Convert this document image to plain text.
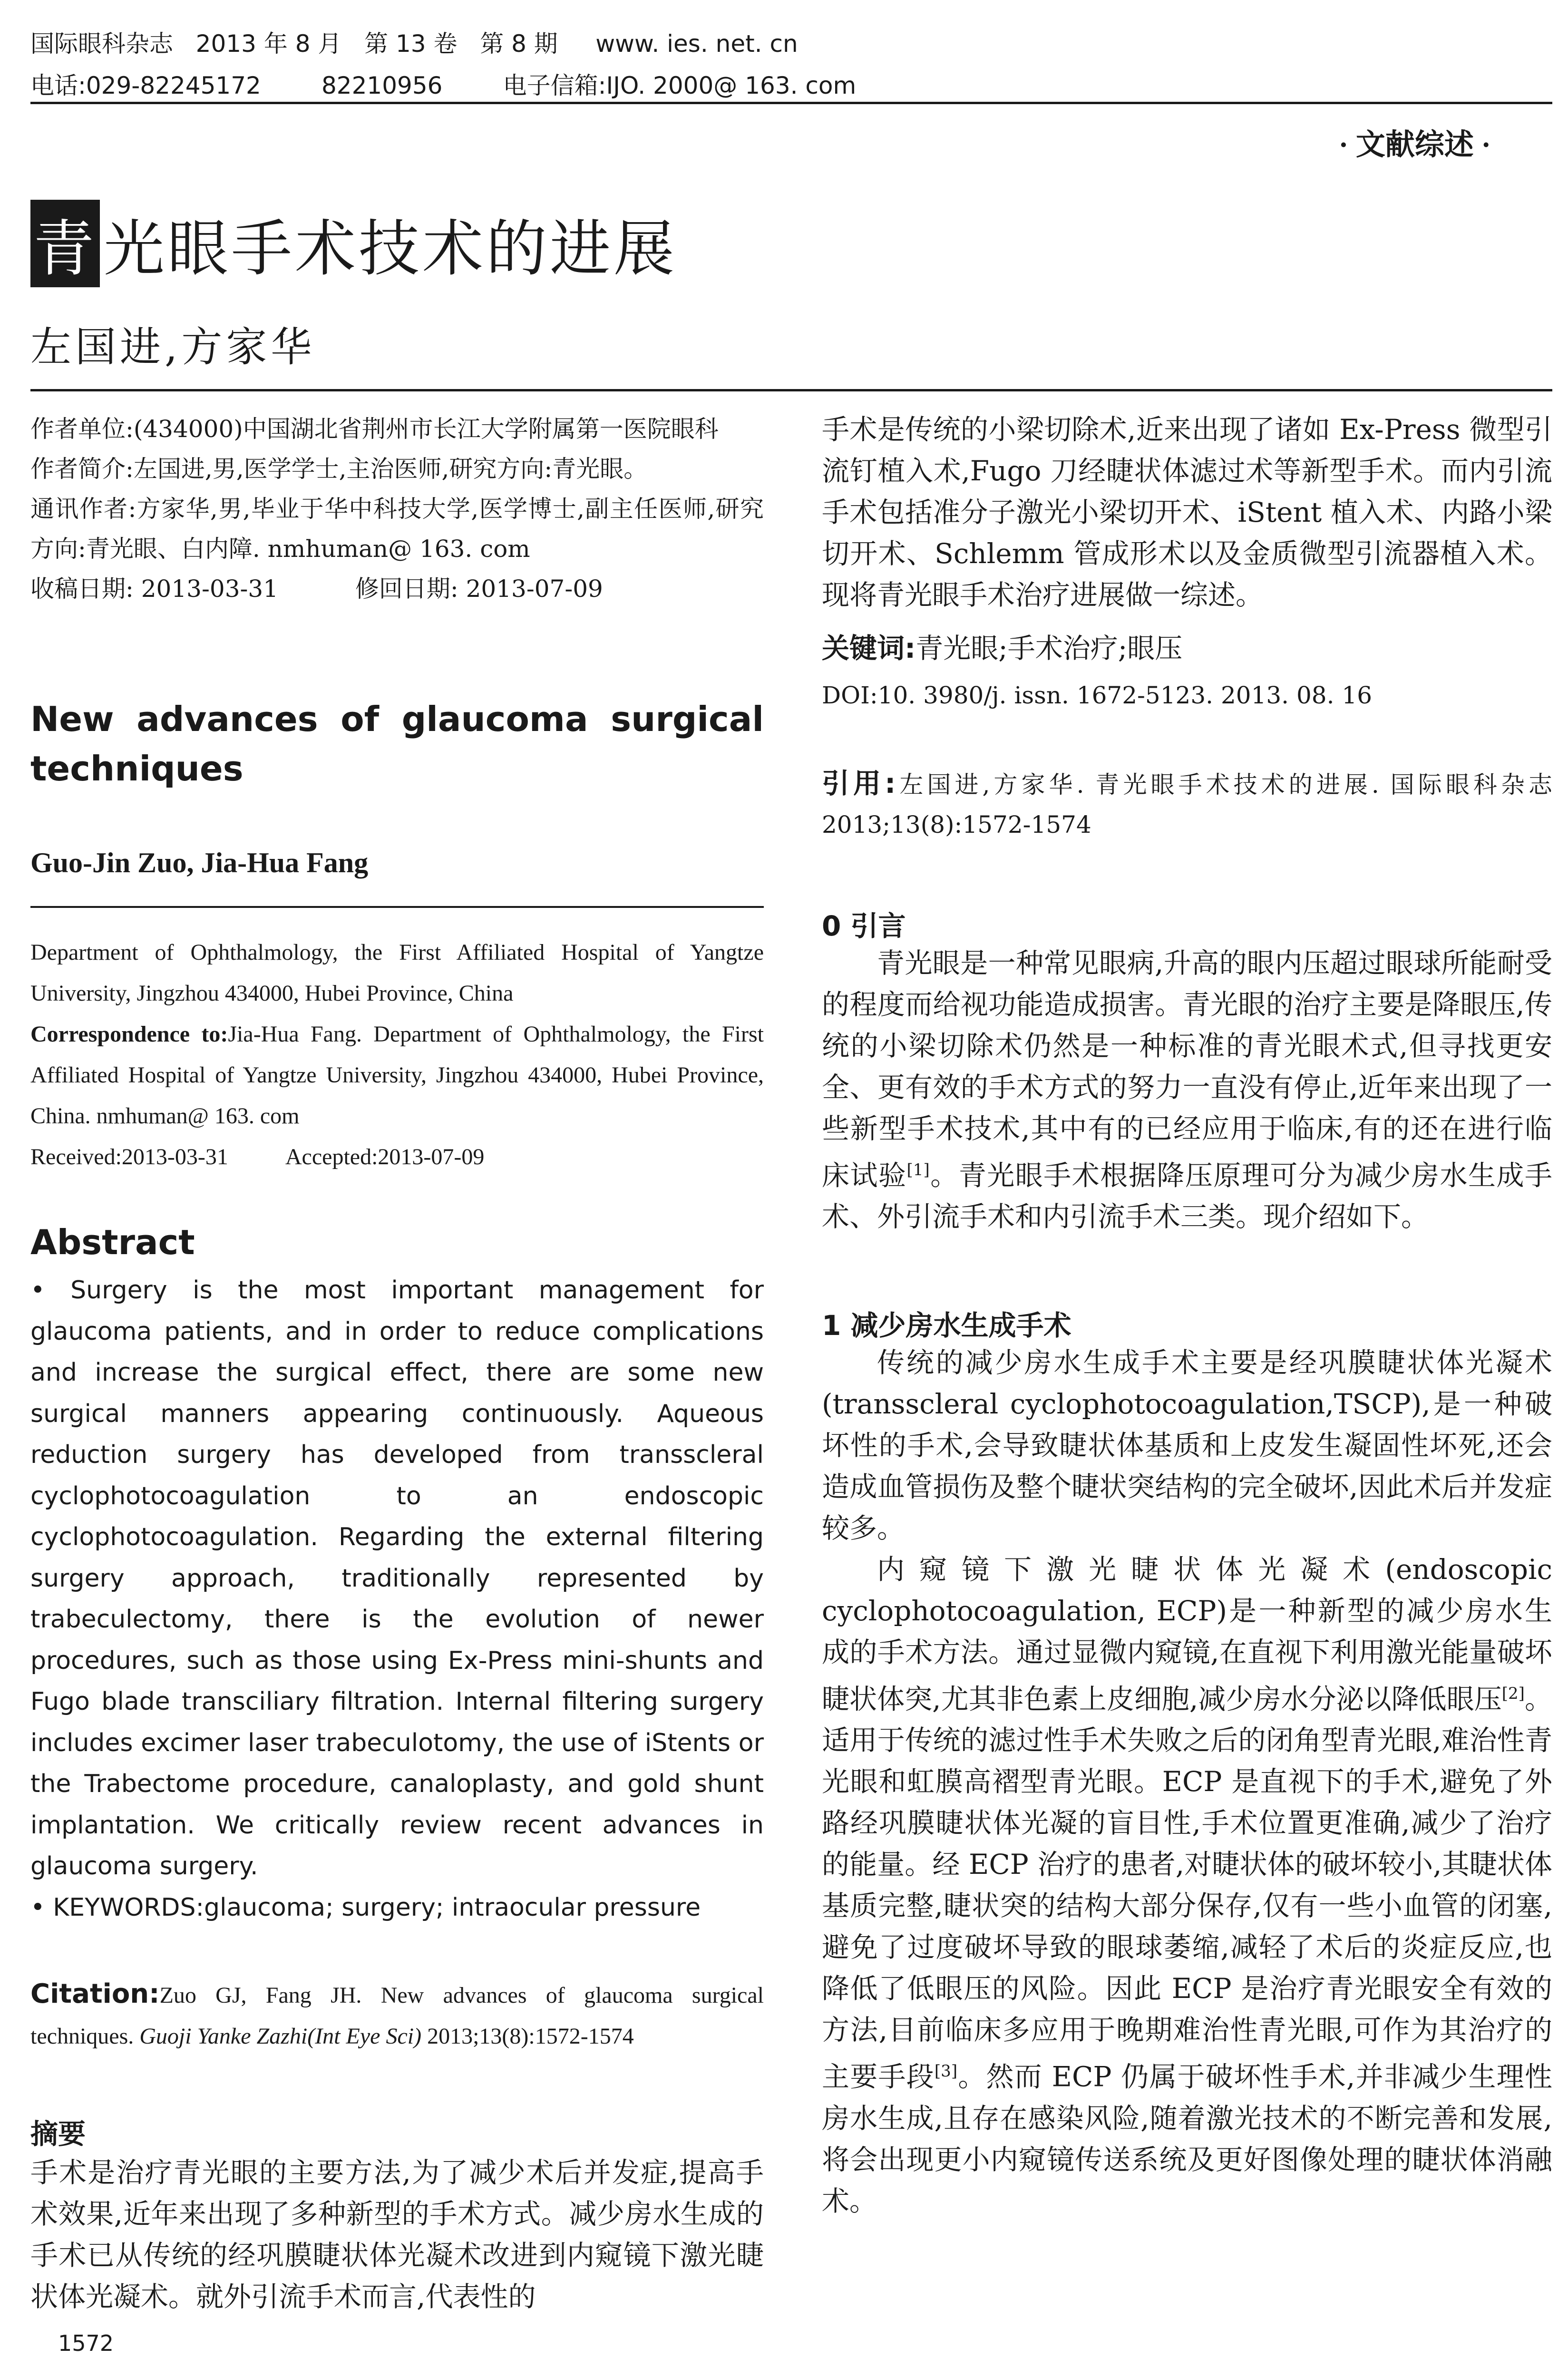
国际眼科杂志   2013 年 8 月   第 13 卷   第 8 期     www. ies. net. cn
电话:029-82245172        82210956        电子信箱:IJO. 2000@ 163. com
· 文献综述 ·
青 光眼手术技术的进展
左国进,方家华

作者单位:(434000)中国湖北省荆州市长江大学附属第一医院眼科

作者简介:左国进,男,医学学士,主治医师,研究方向:青光眼。

通讯作者:方家华,男,毕业于华中科技大学,医学博士,副主任医师,研究方向:青光眼、白内障. nmhuman@ 163. com

收稿日期: 2013-03-31	修回日期: 2013-07-09

New advances of glaucoma surgical techniques
Guo-Jin Zuo, Jia-Hua Fang
Department of Ophthalmology, the First Affiliated Hospital of Yangtze University, Jingzhou 434000, Hubei Province, China
Correspondence to:Jia-Hua Fang. Department of Ophthalmology, the First Affiliated Hospital of Yangtze University, Jingzhou 434000, Hubei Province, China. nmhuman@ 163. com
Received:2013-03-31	Accepted:2013-07-09
Abstract

• Surgery is the most important management for glaucoma patients, and in order to reduce complications and increase the surgical effect, there are some new surgical manners appearing continuously. Aqueous reduction surgery has developed from transscleral cyclophotocoagulation to an endoscopic cyclophotocoagulation. Regarding the external filtering surgery approach, traditionally represented by trabeculectomy, there is the evolution of newer procedures, such as those using Ex-Press mini-shunts and Fugo blade transciliary filtration. Internal filtering surgery includes excimer laser trabeculotomy, the use of iStents or the Trabectome procedure, canaloplasty, and gold shunt implantation. We critically review recent advances in glaucoma surgery.

• KEYWORDS:glaucoma; surgery; intraocular pressure

Citation:Zuo GJ, Fang JH. New advances of glaucoma surgical techniques. Guoji Yanke Zazhi(Int Eye Sci) 2013;13(8):1572-1574
摘要
手术是治疗青光眼的主要方法,为了减少术后并发症,提高手术效果,近年来出现了多种新型的手术方式。减少房水生成的手术已从传统的经巩膜睫状体光凝术改进到内窥镜下激光睫状体光凝术。就外引流手术而言,代表性的
1572
手术是传统的小梁切除术,近来出现了诸如 Ex-Press 微型引流钉植入术,Fugo 刀经睫状体滤过术等新型手术。而内引流手术包括准分子激光小梁切开术、iStent 植入术、内路小梁切开术、Schlemm 管成形术以及金质微型引流器植入术。现将青光眼手术治疗进展做一综述。
关键词:青光眼;手术治疗;眼压
DOI:10. 3980/j. issn. 1672-5123. 2013. 08. 16
引用:左国进,方家华. 青光眼手术技术的进展. 国际眼科杂志 2013;13(8):1572-1574
0 引言

青光眼是一种常见眼病,升高的眼内压超过眼球所能耐受的程度而给视功能造成损害。青光眼的治疗主要是降眼压,传统的小梁切除术仍然是一种标准的青光眼术式,但寻找更安全、更有效的手术方式的努力一直没有停止,近年来出现了一些新型手术技术,其中有的已经应用于临床,有的还在进行临床试验[1]。青光眼手术根据降压原理可分为减少房水生成手术、外引流手术和内引流手术三类。现介绍如下。

1 减少房水生成手术

传统的减少房水生成手术主要是经巩膜睫状体光凝术(transscleral cyclophotocoagulation,TSCP),是一种破坏性的手术,会导致睫状体基质和上皮发生凝固性坏死,还会造成血管损伤及整个睫状突结构的完全破坏,因此术后并发症较多。

内窥镜下激光睫状体光凝术(endoscopic cyclophotocoagulation, ECP)是一种新型的减少房水生成的手术方法。通过显微内窥镜,在直视下利用激光能量破坏睫状体突,尤其非色素上皮细胞,减少房水分泌以降低眼压[2]。适用于传统的滤过性手术失败之后的闭角型青光眼,难治性青光眼和虹膜高褶型青光眼。ECP 是直视下的手术,避免了外路经巩膜睫状体光凝的盲目性,手术位置更准确,减少了治疗的能量。经 ECP 治疗的患者,对睫状体的破坏较小,其睫状体基质完整,睫状突的结构大部分保存,仅有一些小血管的闭塞,避免了过度破坏导致的眼球萎缩,减轻了术后的炎症反应,也降低了低眼压的风险。因此 ECP 是治疗青光眼安全有效的方法,目前临床多应用于晚期难治性青光眼,可作为其治疗的主要手段[3]。然而 ECP 仍属于破坏性手术,并非减少生理性房水生成,且存在感染风险,随着激光技术的不断完善和发展,将会出现更小内窥镜传送系统及更好图像处理的睫状体消融术。
